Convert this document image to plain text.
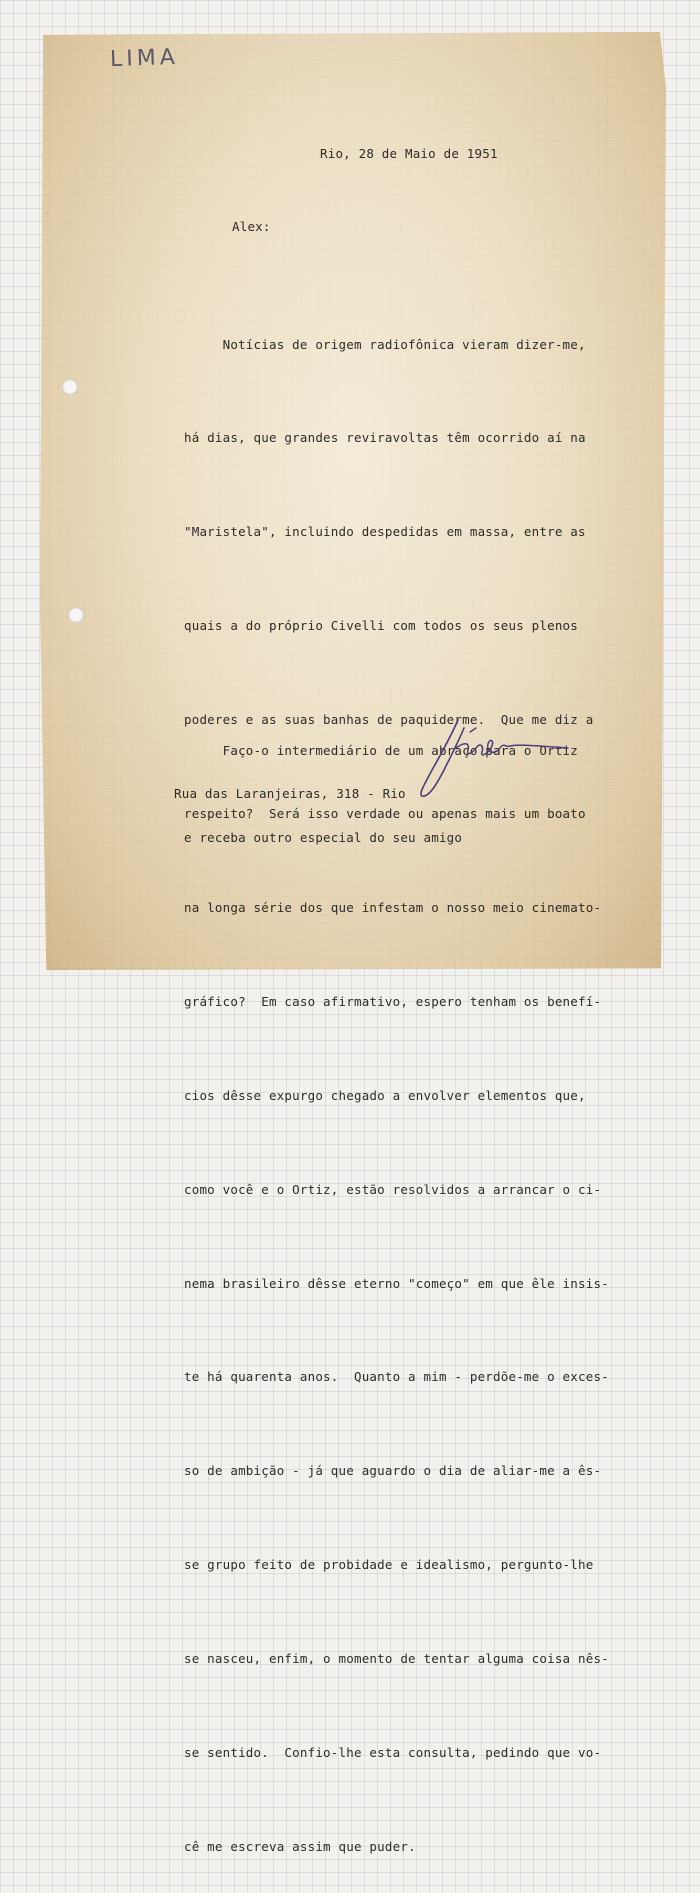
LIMA
Rio, 28 de Maio de 1951
Alex:

Notícias de origem radiofônica vieram dizer-me,

há dias, que grandes reviravoltas têm ocorrido aí na

"Maristela", incluindo despedidas em massa, entre as

quais a do próprio Civelli com todos os seus plenos

poderes e as suas banhas de paquiderme.  Que me diz a

respeito?  Será isso verdade ou apenas mais um boato

na longa série dos que infestam o nosso meio cinemato-

gráfico?  Em caso afirmativo, espero tenham os benefí-

cios dêsse expurgo chegado a envolver elementos que,

como você e o Ortiz, estão resolvidos a arrancar o ci-

nema brasileiro dêsse eterno "começo" em que êle insis-

te há quarenta anos.  Quanto a mim - perdõe-me o exces-

so de ambição - já que aguardo o dia de aliar-me a ês-

se grupo feito de probidade e idealismo, pergunto-lhe

se nasceu, enfim, o momento de tentar alguma coisa nês-

se sentido.  Confio-lhe esta consulta, pedindo que vo-

cê me escreva assim que puder.

Faço-o intermediário de um abraço para o Ortiz

e receba outro especial do seu amigo

Rua das Laranjeiras, 318 - Rio
